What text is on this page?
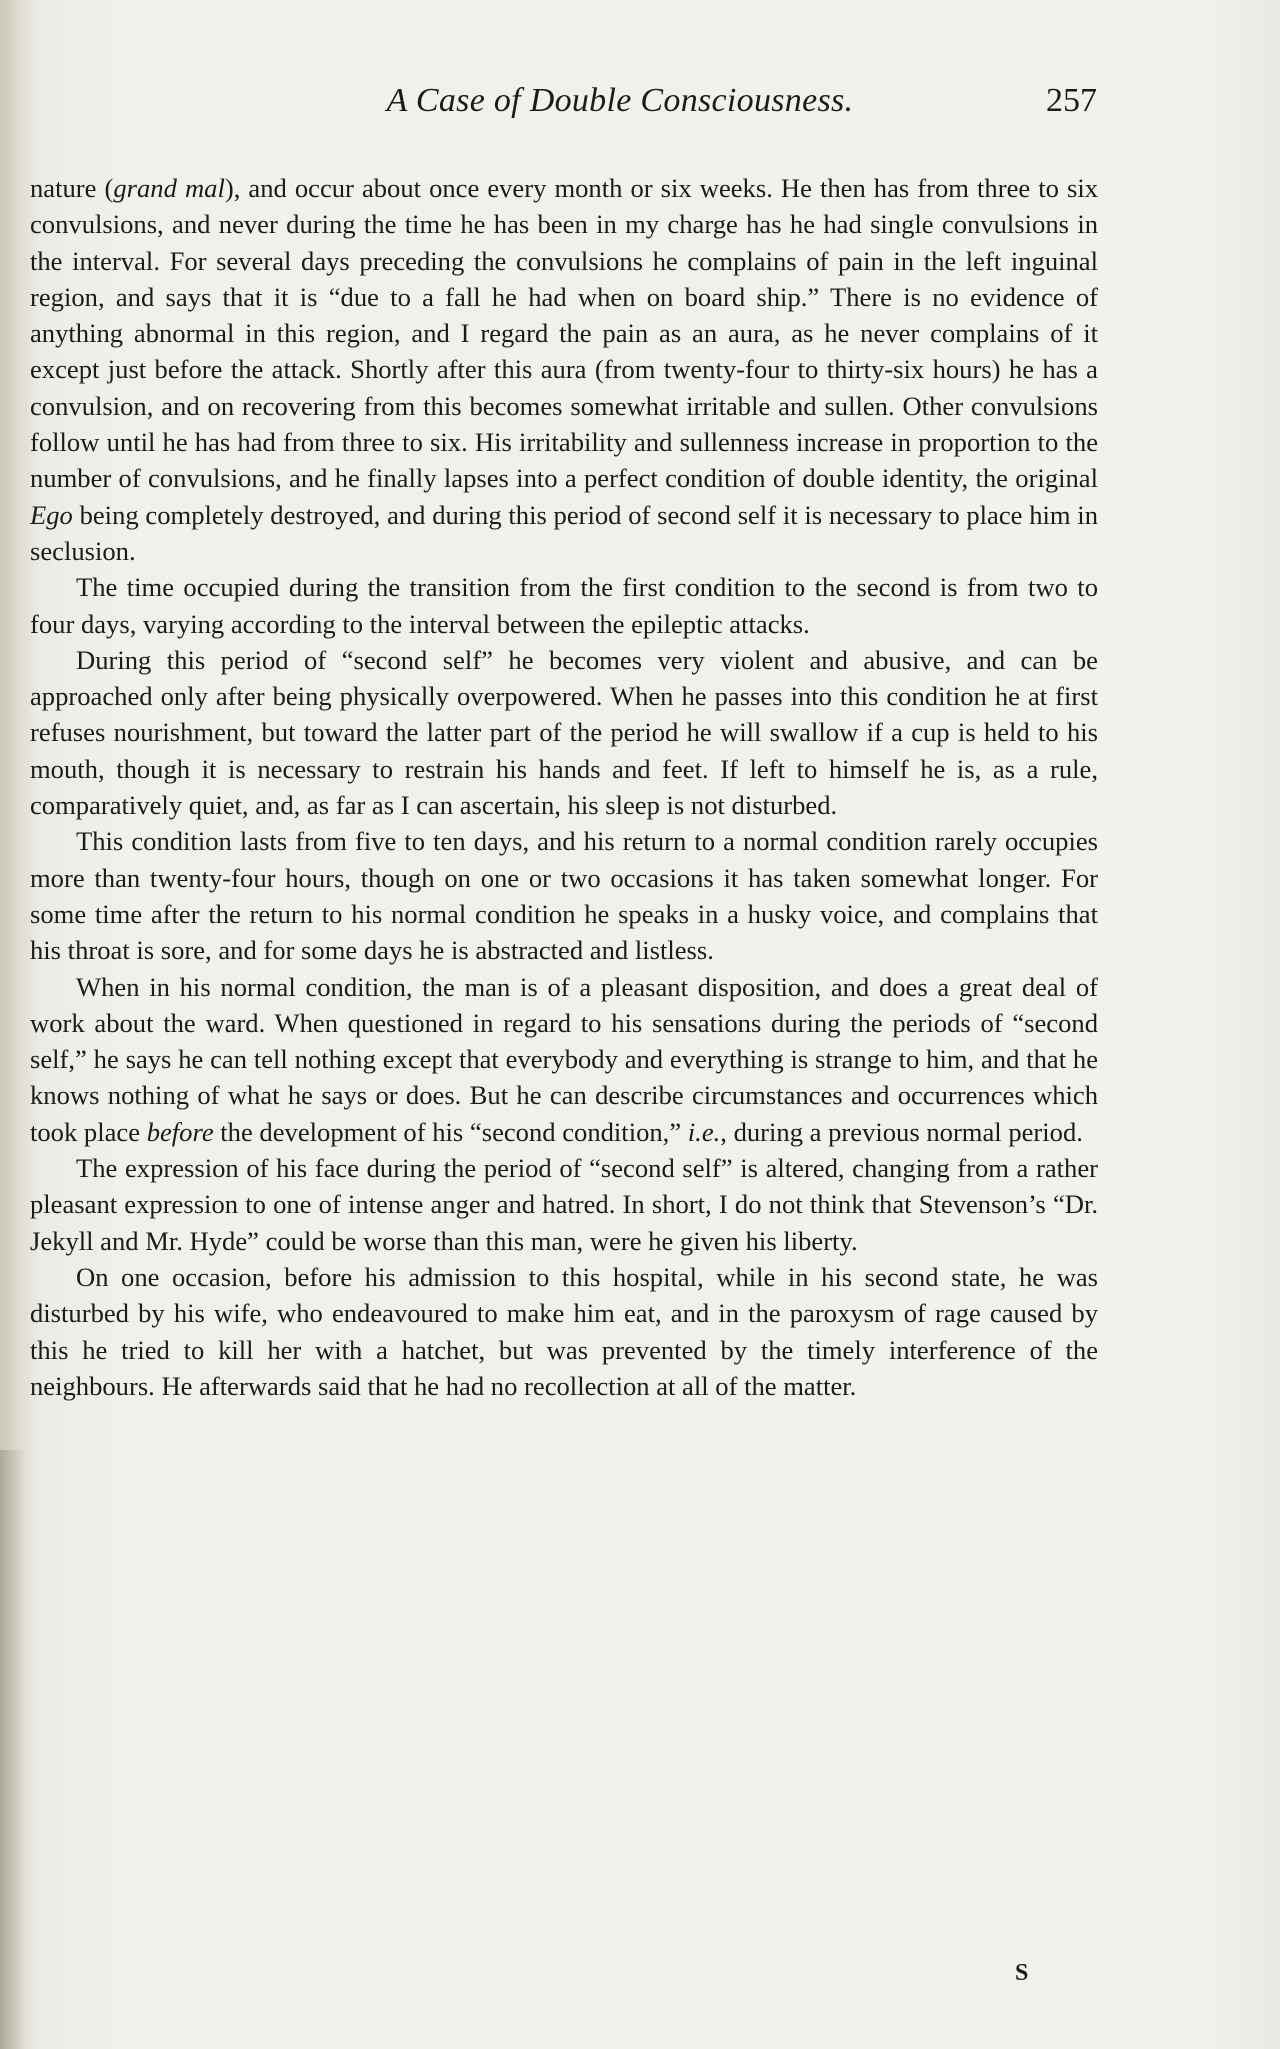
A Case of Double Consciousness.	257

nature (grand mal), and occur about once every month or six weeks. He then has from three to six convulsions, and never during the time he has been in my charge has he had single convulsions in the interval. For several days preceding the convulsions he complains of pain in the left inguinal region, and says that it is “due to a fall he had when on board ship.” There is no evidence of anything abnormal in this region, and I regard the pain as an aura, as he never complains of it except just before the attack. Shortly after this aura (from twenty-four to thirty-six hours) he has a convulsion, and on recovering from this becomes somewhat irritable and sullen. Other convulsions follow until he has had from three to six. His irritability and sullenness increase in proportion to the number of convulsions, and he finally lapses into a perfect condition of double identity, the original Ego being completely destroyed, and during this period of second self it is necessary to place him in seclusion.

The time occupied during the transition from the first condition to the second is from two to four days, varying according to the interval between the epileptic attacks.

During this period of “second self” he becomes very violent and abusive, and can be approached only after being physically overpowered. When he passes into this condition he at first refuses nourishment, but toward the latter part of the period he will swallow if a cup is held to his mouth, though it is necessary to restrain his hands and feet. If left to himself he is, as a rule, comparatively quiet, and, as far as I can ascertain, his sleep is not disturbed.

This condition lasts from five to ten days, and his return to a normal condition rarely occupies more than twenty-four hours, though on one or two occasions it has taken somewhat longer. For some time after the return to his normal condition he speaks in a husky voice, and complains that his throat is sore, and for some days he is abstracted and listless.

When in his normal condition, the man is of a pleasant disposition, and does a great deal of work about the ward. When questioned in regard to his sensations during the periods of “second self,” he says he can tell nothing except that everybody and everything is strange to him, and that he knows nothing of what he says or does. But he can describe circumstances and occurrences which took place before the development of his “second condition,” i.e., during a previous normal period.

The expression of his face during the period of “second self” is altered, changing from a rather pleasant expression to one of intense anger and hatred. In short, I do not think that Stevenson’s “Dr. Jekyll and Mr. Hyde” could be worse than this man, were he given his liberty.

On one occasion, before his admission to this hospital, while in his second state, he was disturbed by his wife, who endeavoured to make him eat, and in the paroxysm of rage caused by this he tried to kill her with a hatchet, but was prevented by the timely interference of the neighbours. He afterwards said that he had no recollection at all of the matter.

S
